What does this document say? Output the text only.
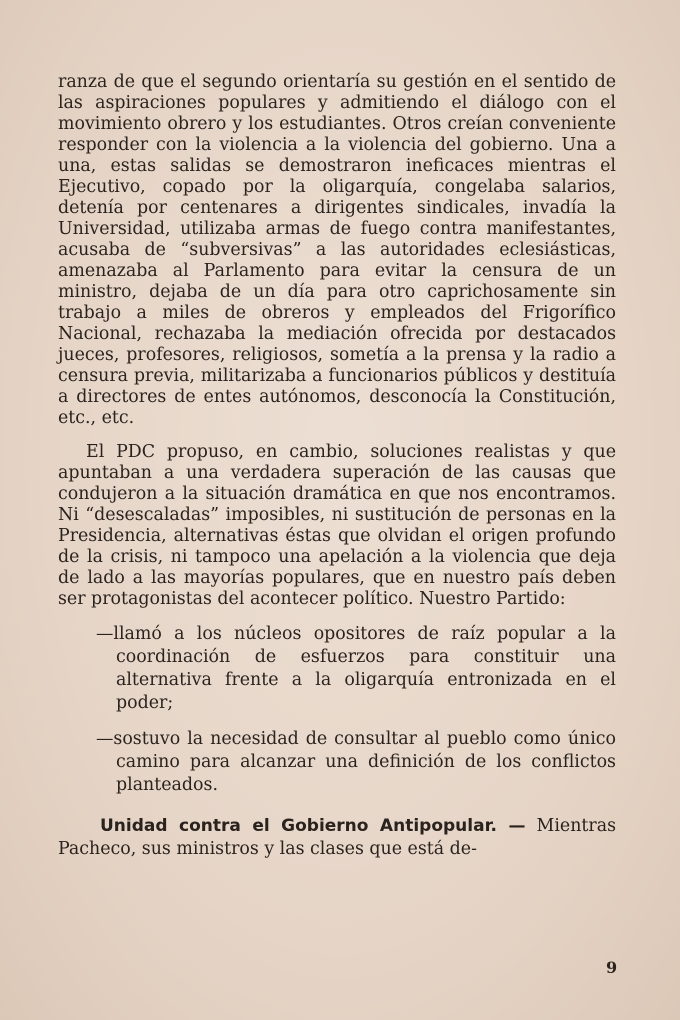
ranza de que el segundo orientaría su gestión en el sentido de las aspiraciones populares y admitiendo el diálogo con el movimiento obrero y los estudiantes. Otros creían conveniente responder con la violencia a la violencia del gobierno. Una a una, estas salidas se demostraron ineficaces mientras el Ejecutivo, copado por la oligarquía, congelaba salarios, detenía por centenares a dirigentes sindicales, invadía la Universidad, utilizaba armas de fuego contra manifestantes, acusaba de “subversivas” a las autoridades eclesiásticas, amenazaba al Parlamento para evitar la censura de un ministro, dejaba de un día para otro caprichosamente sin trabajo a miles de obreros y empleados del Frigorífico Nacional, rechazaba la mediación ofrecida por destacados jueces, profesores, religiosos, sometía a la prensa y la radio a censura previa, militarizaba a funcionarios públicos y destituía a directores de entes autónomos, desconocía la Constitución, etc., etc.

El PDC propuso, en cambio, soluciones realistas y que apuntaban a una verdadera superación de las causas que condujeron a la situación dramática en que nos encontramos. Ni “desescaladas” imposibles, ni sustitución de personas en la Presidencia, alternativas éstas que olvidan el origen profundo de la crisis, ni tampoco una apelación a la violencia que deja de lado a las mayorías populares, que en nuestro país deben ser protagonistas del acontecer político. Nuestro Partido:

—llamó a los núcleos opositores de raíz popular a la coordinación de esfuerzos para constituir una alternativa frente a la oligarquía entronizada en el poder;
—sostuvo la necesidad de consultar al pueblo como único camino para alcanzar una definición de los conflictos planteados.
Unidad contra el Gobierno Antipopular. — Mientras Pacheco, sus ministros y las clases que está de-
9
